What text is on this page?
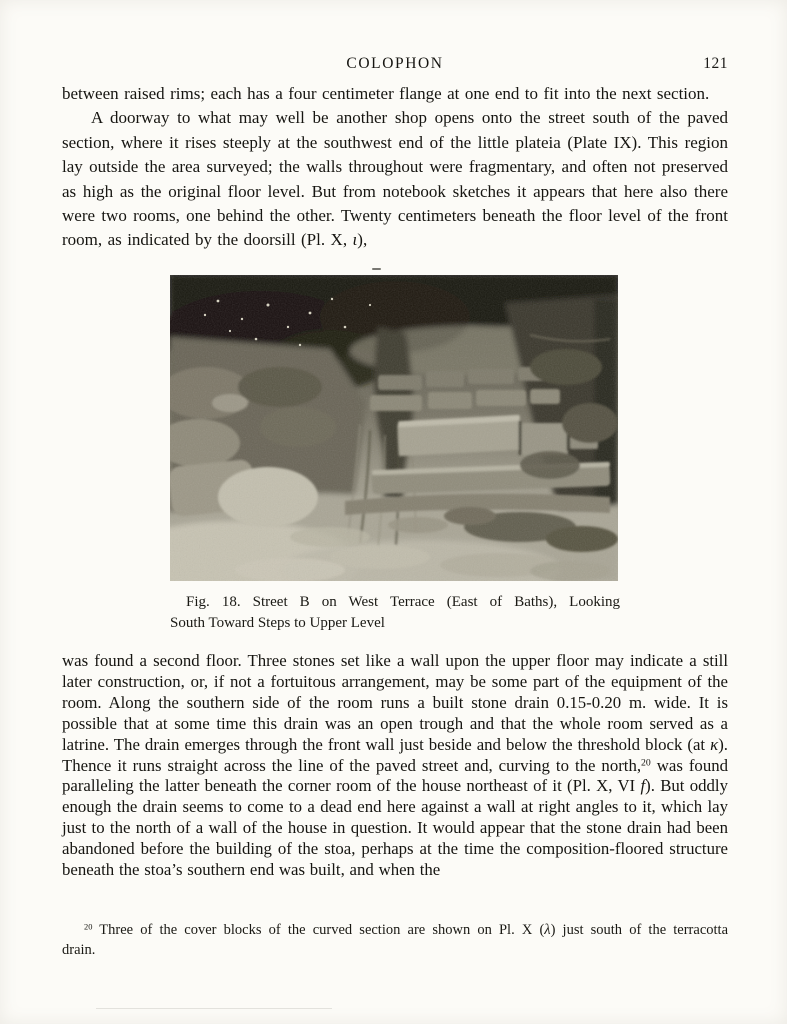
COLOPHON	121

between raised rims; each has a four centimeter flange at one end to fit into the next section.

A doorway to what may well be another shop opens onto the street south of the paved section, where it rises steeply at the southwest end of the little plateia (Plate IX). This region lay outside the area surveyed; the walls throughout were fragmentary, and often not preserved as high as the original floor level. But from notebook sketches it appears that here also there were two rooms, one behind the other. Twenty centimeters beneath the floor level of the front room, as indicated by the doorsill (Pl. X, ι),

Fig. 18. Street B on West Terrace (East of Baths), Looking
South Toward Steps to Upper Level

was found a second floor. Three stones set like a wall upon the upper floor may indicate a still later construction, or, if not a fortuitous arrangement, may be some part of the equipment of the room. Along the southern side of the room runs a built stone drain 0.15-0.20 m. wide. It is possible that at some time this drain was an open trough and that the whole room served as a latrine. The drain emerges through the front wall just beside and below the threshold block (at κ). Thence it runs straight across the line of the paved street and, curving to the north,$^{20}$ was found paralleling the latter beneath the corner room of the house northeast of it (Pl. X, VI f). But oddly enough the drain seems to come to a dead end here against a wall at right angles to it, which lay just to the north of a wall of the house in question. It would appear that the stone drain had been abandoned before the building of the stoa, perhaps at the time the composition-floored structure beneath the stoa’s southern end was built, and when the

$^{20}$ Three of the cover blocks of the curved section are shown on Pl. X (λ) just south of the terracotta drain.
